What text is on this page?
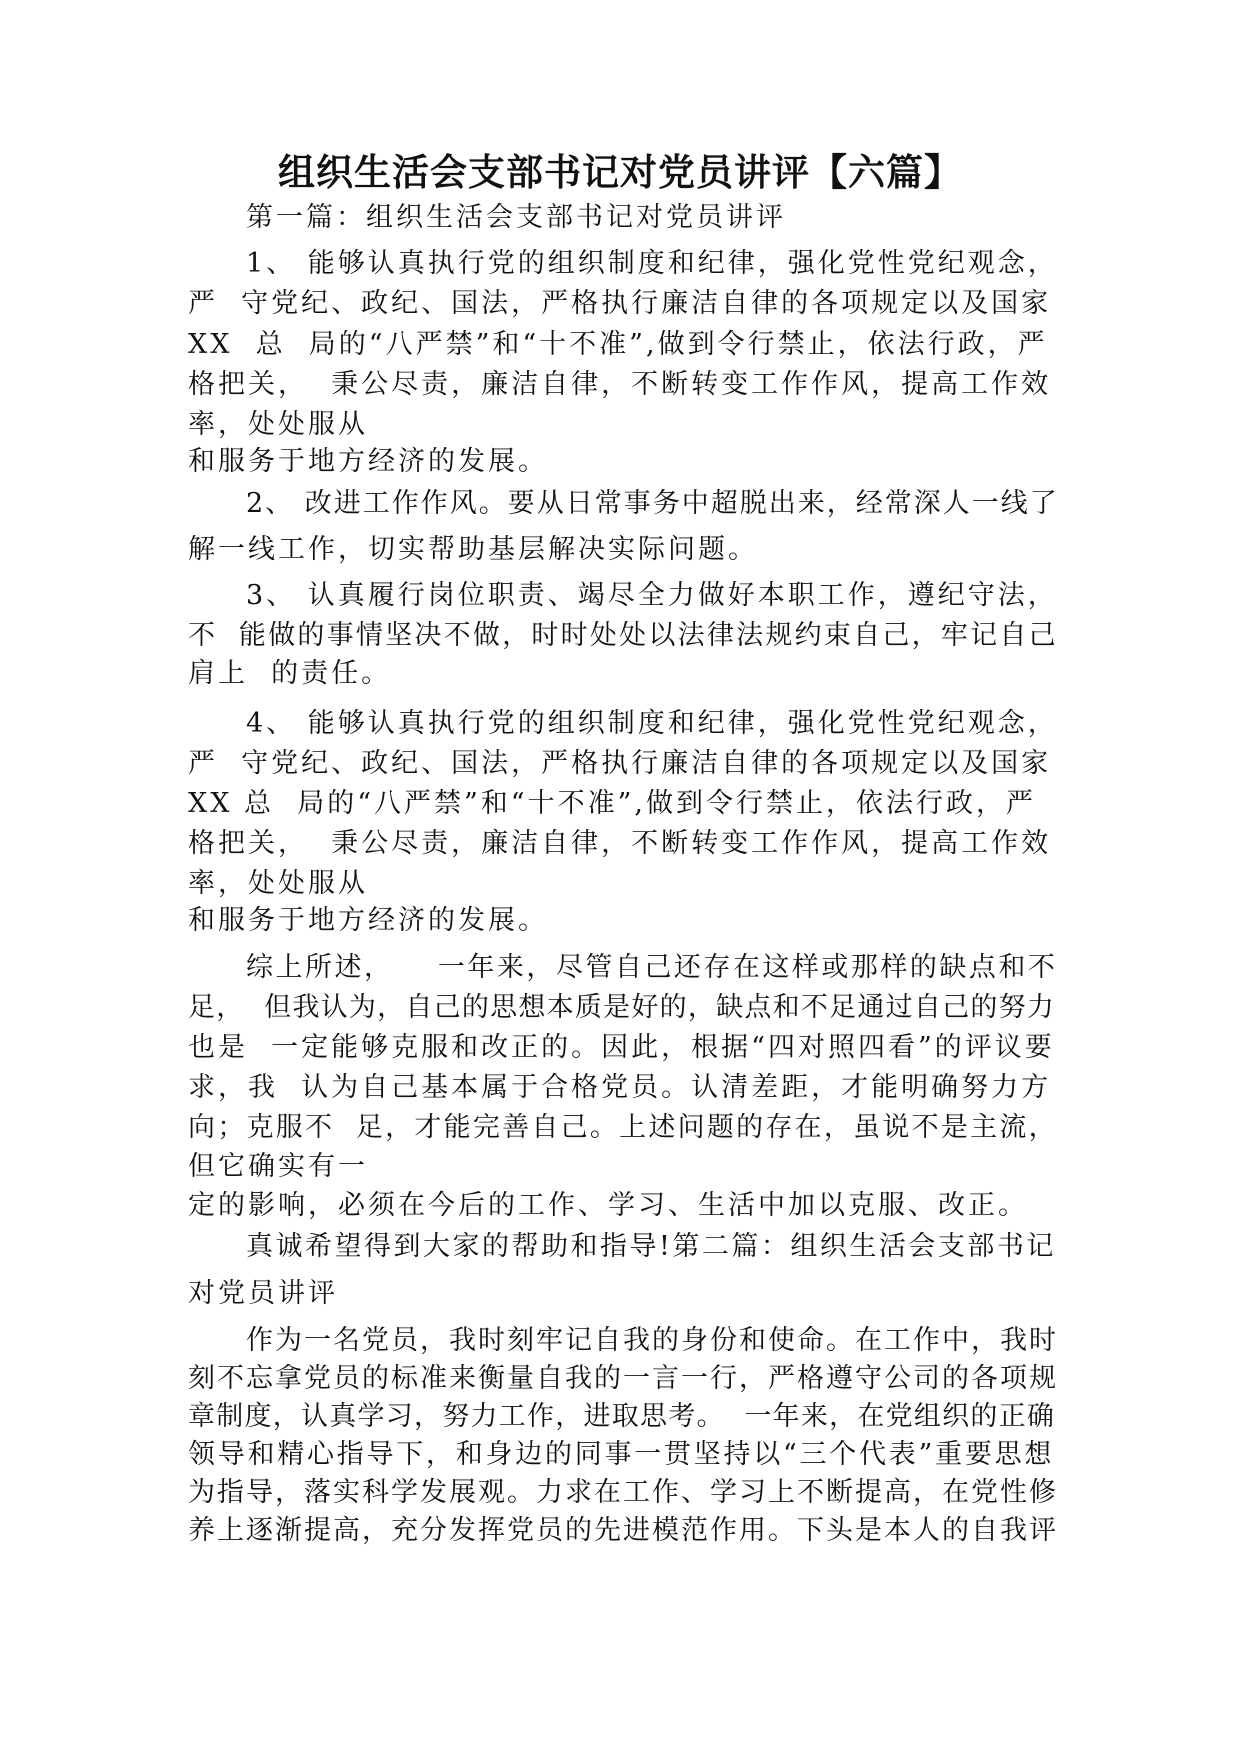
组织生活会支部书记对党员讲评【六篇】

第一篇：组织生活会支部书记对党员讲评

1、 能够认真执行党的组织制度和纪律，强化党性党纪观念，

严  守党纪、政纪、国法，严格执行廉洁自律的各项规定以及国家

XX  总  局的“八严禁”和“十不准”,做到令行禁止，依法行政，严

格把关，  秉公尽责，廉洁自律，不断转变工作作风，提高工作效

率，处处服从

和服务于地方经济的发展。

2、 改进工作作风。要从日常事务中超脱出来，经常深人一线了

解一线工作，切实帮助基层解决实际问题。

3、 认真履行岗位职责、竭尽全力做好本职工作，遵纪守法，

不  能做的事情坚决不做，时时处处以法律法规约束自己，牢记自己

肩上  的责任。

4、 能够认真执行党的组织制度和纪律，强化党性党纪观念，

严  守党纪、政纪、国法，严格执行廉洁自律的各项规定以及国家

XX 总  局的“八严禁”和“十不准”,做到令行禁止，依法行政，严

格把关，  秉公尽责，廉洁自律，不断转变工作作风，提高工作效

率，处处服从

和服务于地方经济的发展。

综上所述，    一年来，尽管自己还存在这样或那样的缺点和不

足，  但我认为，自己的思想本质是好的，缺点和不足通过自己的努力

也是  一定能够克服和改正的。因此，根据“四对照四看”的评议要

求，我  认为自己基本属于合格党员。认清差距，才能明确努力方

向；克服不  足，才能完善自己。上述问题的存在，虽说不是主流，

但它确实有一

定的影响，必须在今后的工作、学习、生活中加以克服、改正。

真诚希望得到大家的帮助和指导!第二篇：组织生活会支部书记

对党员讲评

作为一名党员，我时刻牢记自我的身份和使命。在工作中，我时

刻不忘拿党员的标准来衡量自我的一言一行，严格遵守公司的各项规

章制度，认真学习，努力工作，进取思考。  一年来，在党组织的正确

领导和精心指导下，和身边的同事一贯坚持以“三个代表”重要思想

为指导，落实科学发展观。力求在工作、学习上不断提高，在党性修

养上逐渐提高，充分发挥党员的先进模范作用。下头是本人的自我评
